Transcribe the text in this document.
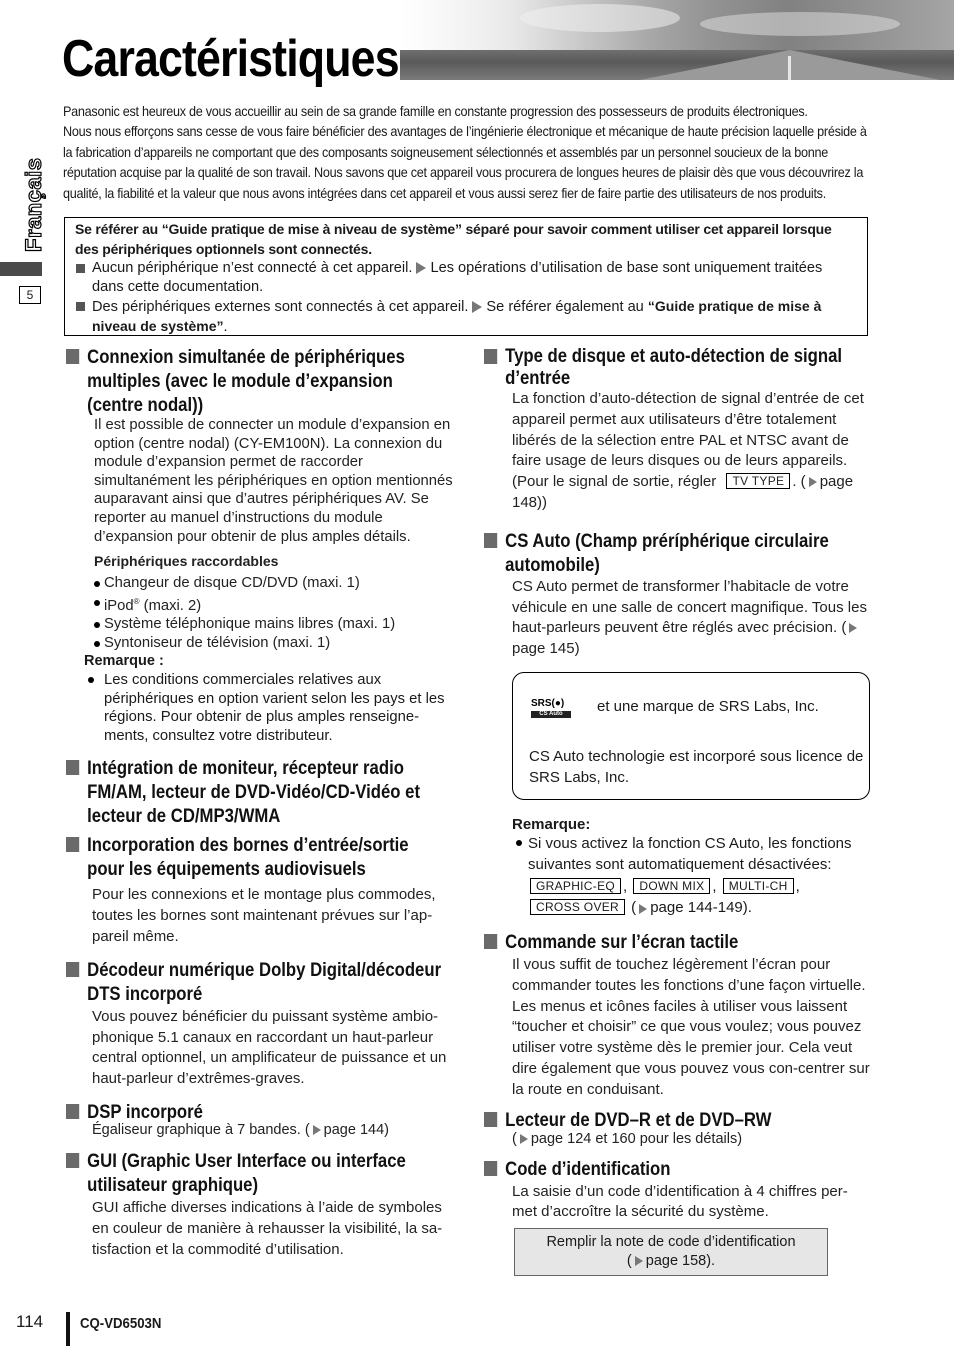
Caractéristiques
Français
5
Panasonic est heureux de vous accueillir au sein de sa grande famille en constante progression des possesseurs de produits électroniques.
Nous nous efforçons sans cesse de vous faire bénéficier des avantages de l’ingénierie électronique et mécanique de haute précision laquelle préside à la fabrication d’appareils ne comportant que des composants soigneusement sélectionnés et assemblés par un personnel soucieux de la bonne réputation acquise par la qualité de son travail. Nous savons que cet appareil vous procurera de longues heures de plaisir dès que vous découvrirez la qualité, la fiabilité et la valeur que nous avons intégrées dans cet appareil et vous aussi serez fier de faire partie des utilisateurs de nos produits.
Se référer au “Guide pratique de mise à niveau de système” séparé pour savoir comment utiliser cet appareil lorsque des périphériques optionnels sont connectés.
Aucun périphérique n’est connecté à cet appareil. Les opérations d’utilisation de base sont uniquement traitées dans cette documentation.
Des périphériques externes sont connectés à cet appareil. Se référer également au “Guide pratique de mise à niveau de système”.
Connexion simultanée de périphériques multiples (avec le module d’expansion (centre nodal))
Il est possible de connecter un module d’expansion en option (centre nodal) (CY-EM100N). La connexion du module d’expansion permet de raccorder simultanément les périphériques en option mentionnés auparavant ainsi que d’autres périphériques AV. Se reporter au manuel d’instructions du module d’expansion pour obtenir de plus amples détails.
Périphériques raccordables
Changeur de disque CD/DVD (maxi. 1)
iPod® (maxi. 2)
Système téléphonique mains libres (maxi. 1)
Syntoniseur de télévision (maxi. 1)
Remarque :
Les conditions commerciales relatives aux périphériques en option varient selon les pays et les régions. Pour obtenir de plus amples renseigne-ments, consultez votre distributeur.
Intégration de moniteur, récepteur radio FM/AM, lecteur de DVD-Vidéo/CD-Vidéo et lecteur de CD/MP3/WMA
Incorporation des bornes d’entrée/sortie pour les équipements audiovisuels
Pour les connexions et le montage plus commodes, toutes les bornes sont maintenant prévues sur l’ap-pareil même.
Décodeur numérique Dolby Digital/décodeur DTS incorporé
Vous pouvez bénéficier du puissant système ambio-phonique 5.1 canaux en raccordant un haut-parleur central optionnel, un amplificateur de puissance et un haut-parleur d’extrêmes-graves.
DSP incorporé
Égaliseur graphique à 7 bandes. ( page 144)
GUI (Graphic User Interface ou interface utilisateur graphique)
GUI affiche diverses indications à l’aide de symboles en couleur de manière à rehausser la visibilité, la sa-tisfaction et la commodité d’utilisation.
Type de disque et auto-détection de signal d’entrée
La fonction d’auto-détection de signal d’entrée de cet appareil permet aux utilisateurs d’être totalement libérés de la sélection entre PAL et NTSC avant de faire usage de leurs disques ou de leurs appareils. (Pour le signal de sortie, régler TV TYPE . ( page 148))
CS Auto (Champ préríphérique circulaire automobile)
CS Auto permet de transformer l’habitacle de votre véhicule en une salle de concert magnifique. Tous les haut-parleurs peuvent être réglés avec précision. (page 145)
SRS(●)
CS Auto	et une marque de SRS Labs, Inc.
CS Auto technologie est incorporé sous licence de SRS Labs, Inc.
Remarque:
Si vous activez la fonction CS Auto, les fonctions suivantes sont automatiquement désactivées:
GRAPHIC-EQ , DOWN MIX , MULTI-CH ,
CROSS OVER ( page 144-149).
Commande sur l’écran tactile
Il vous suffit de touchez légèrement l’écran pour commander toutes les fonctions d’une façon virtuelle. Les menus et icônes faciles à utiliser vous laissent “toucher et choisir” ce que vous voulez; vous pouvez utiliser votre système dès le premier jour. Cela veut dire également que vous pouvez vous con-centrer sur la route en conduisant.
Lecteur de DVD–R et de DVD–RW
( page 124 et 160 pour les détails)
Code d’identification
La saisie d’un code d’identification à 4 chiffres per-met d’accroître la sécurité du système.
Remplir la note de code d’identification
( page 158).
114 CQ-VD6503N
